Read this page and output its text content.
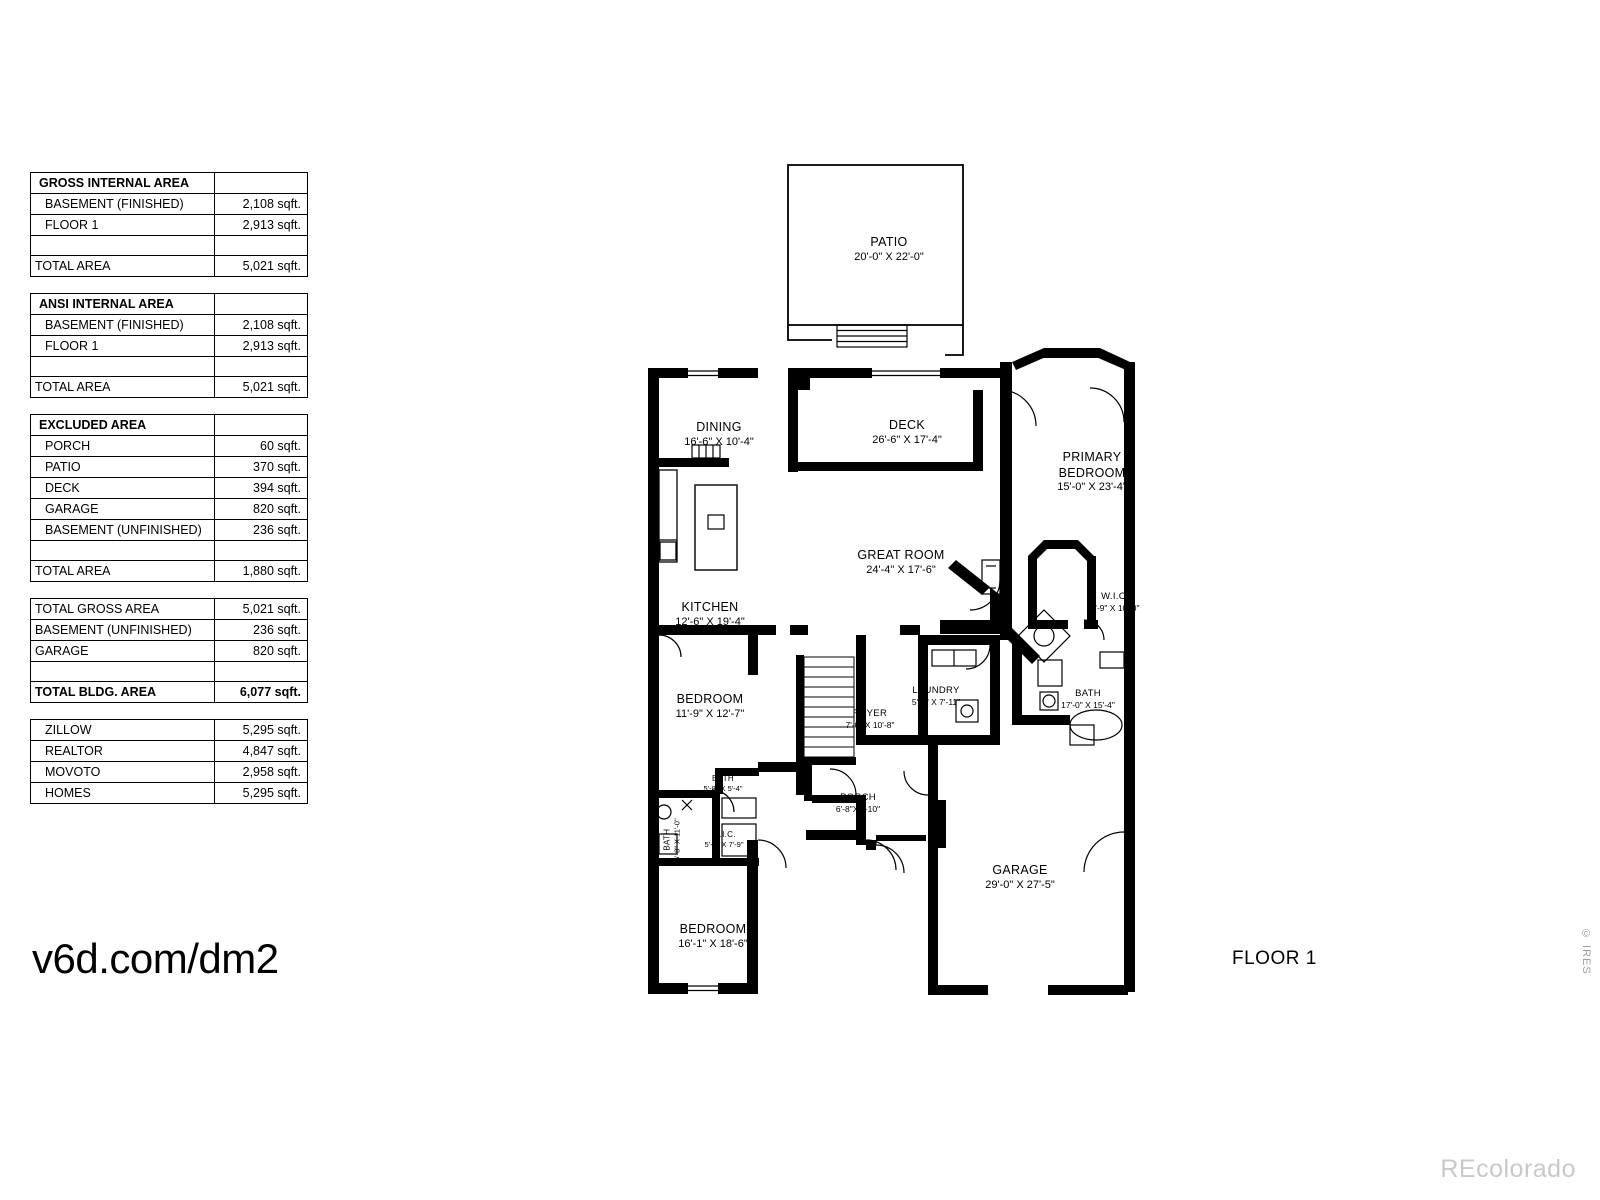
GROSS INTERNAL AREA	
BASEMENT (FINISHED)	2,108 sqft.
FLOOR 1	2,913 sqft.

TOTAL AREA	5,021 sqft.
ANSI INTERNAL AREA	
BASEMENT (FINISHED)	2,108 sqft.
FLOOR 1	2,913 sqft.

TOTAL AREA	5,021 sqft.
EXCLUDED AREA	
PORCH	60 sqft.
PATIO	370 sqft.
DECK	394 sqft.
GARAGE	820 sqft.
BASEMENT (UNFINISHED)	236 sqft.

TOTAL AREA	1,880 sqft.
TOTAL GROSS AREA	5,021 sqft.
BASEMENT (UNFINISHED)	236 sqft.
GARAGE	820 sqft.

TOTAL BLDG. AREA	6,077 sqft.
ZILLOW	5,295 sqft.
REALTOR	4,847 sqft.
MOVOTO	2,958 sqft.
HOMES	5,295 sqft.
PATIO
20'-0" X 22'-0"
DINING
16'-6" X 10'-4"
DECK
26'-6" X 17'-4"
PRIMARY
BEDROOM
15'-0" X 23'-4"
GREAT ROOM
24'-4" X 17'-6"
W.I.C.
9'-9" X 10'-0"
KITCHEN
12'-6" X 19'-4"
BEDROOM
11'-9" X 12'-7"	FOYER
7'-0" X 10'-8"
LAUNDRY
5'-7" X 7'-11"
BATH
17'-0" X 15'-4"
BATH
5'-8" X 5'-4"
BATH 5'-8" X 11'-0"	W.I.C.
5'-8" X 7'-9"
PORCH
6'-8"X7'-10"
GARAGE
29'-0" X 27'-5"
BEDROOM
16'-1" X 18'-6"
v6d.com/dm2	FLOOR 1
REcolorado
© IRES
